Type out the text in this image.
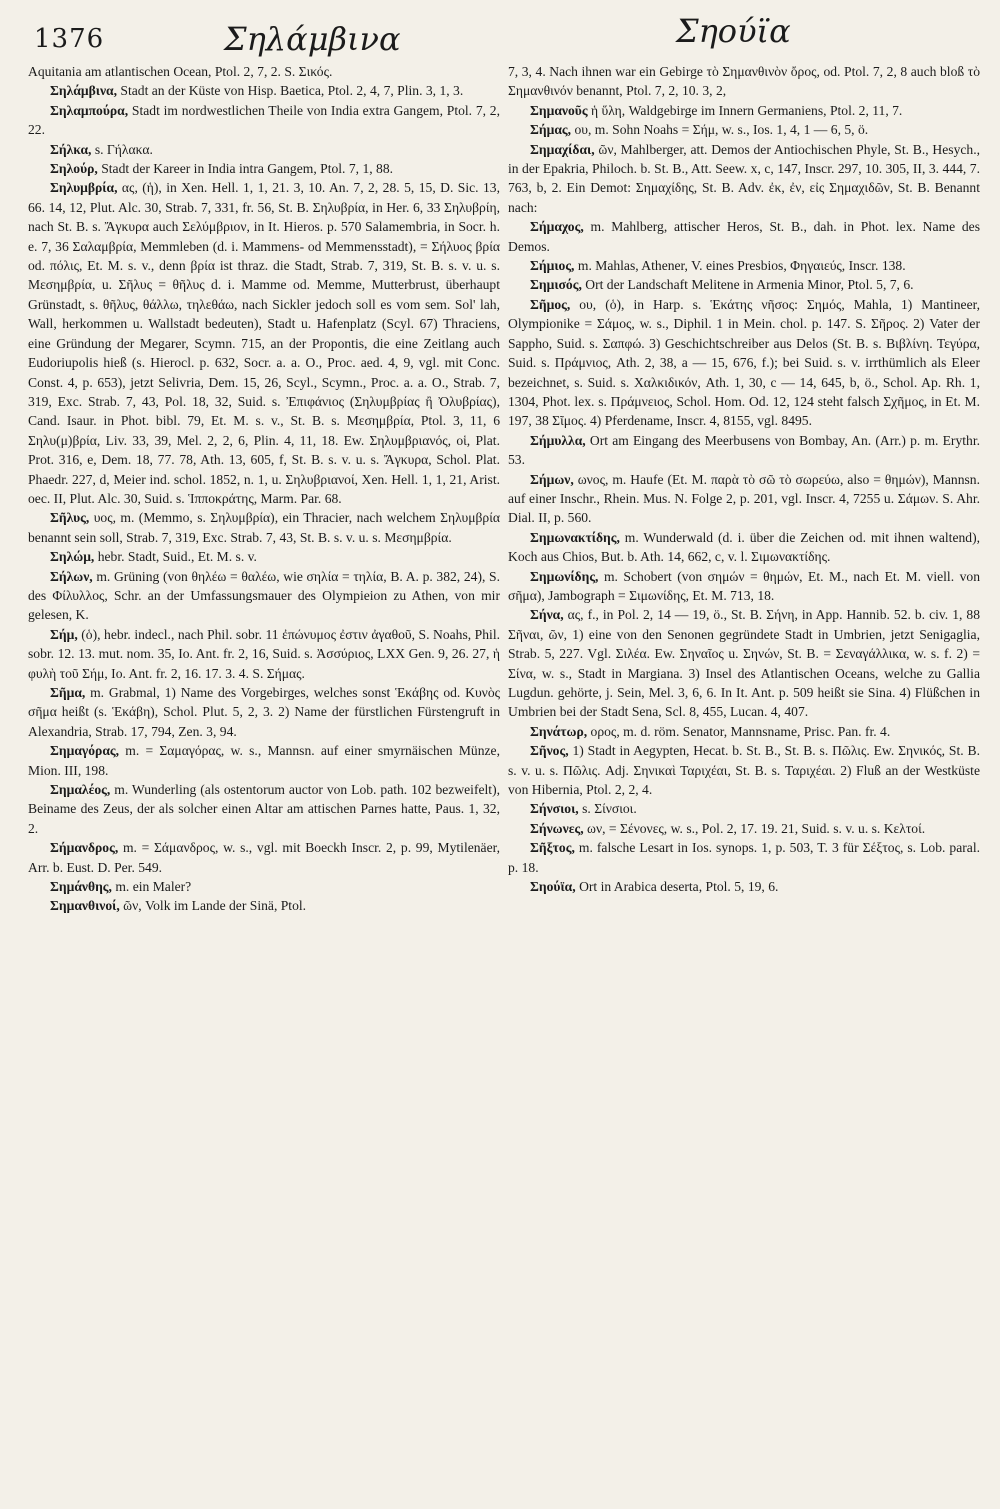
1376	Σηλάμβινα	Σηούϊα

Aquitania am atlantischen Ocean, Ptol. 2, 7, 2. S. Σικός.

Σηλάμβινα, Stadt an der Küste von Hisp. Baetica, Ptol. 2, 4, 7, Plin. 3, 1, 3.

Σηλαμπούρα, Stadt im nordwestlichen Theile von India extra Gangem, Ptol. 7, 2, 22.

Σήλκα, s. Γήλακα.

Σηλούρ, Stadt der Kareer in India intra Gangem, Ptol. 7, 1, 88.

Σηλυμβρία, ας, (ἡ), in Xen. Hell. 1, 1, 21. 3, 10. An. 7, 2, 28. 5, 15, D. Sic. 13, 66. 14, 12, Plut. Alc. 30, Strab. 7, 331, fr. 56, St. B. Σηλυβρία, in Her. 6, 33 Σηλυβρίη, nach St. B. s. Ἄγκυρα auch Σελύμβριον, in It. Hieros. p. 570 Salamembria, in Socr. h. e. 7, 36 Σαλαμβρία, Memmleben (d. i. Mammens- od Memmensstadt), = Σήλυος βρία od. πόλις, Et. M. s. v., denn βρία ist thraz. die Stadt, Strab. 7, 319, St. B. s. v. u. s. Μεσημβρία, u. Σῆλυς = θῆλυς d. i. Mamme od. Memme, Mutterbrust, überhaupt Grünstadt, s. θῆλυς, θάλλω, τηλεθάω, nach Sickler jedoch soll es vom sem. Sol' lah, Wall, herkommen u. Wallstadt bedeuten), Stadt u. Hafenplatz (Scyl. 67) Thraciens, eine Gründung der Megarer, Scymn. 715, an der Propontis, die eine Zeitlang auch Eudoriupolis hieß (s. Hierocl. p. 632, Socr. a. a. O., Proc. aed. 4, 9, vgl. mit Conc. Const. 4, p. 653), jetzt Selivria, Dem. 15, 26, Scyl., Scymn., Proc. a. a. O., Strab. 7, 319, Exc. Strab. 7, 43, Pol. 18, 32, Suid. s. Ἐπιφάνιος (Σηλυμβρίας ἢ Ὀλυβρίας), Cand. Isaur. in Phot. bibl. 79, Et. M. s. v., St. B. s. Μεσημβρία, Ptol. 3, 11, 6 Σηλυ(μ)βρία, Liv. 33, 39, Mel. 2, 2, 6, Plin. 4, 11, 18. Ew. Σηλυμβριανός, οἱ, Plat. Prot. 316, e, Dem. 18, 77. 78, Ath. 13, 605, f, St. B. s. v. u. s. Ἄγκυρα, Schol. Plat. Phaedr. 227, d, Meier ind. schol. 1852, n. 1, u. Σηλυβριανοί, Xen. Hell. 1, 1, 21, Arist. oec. II, Plut. Alc. 30, Suid. s. Ἱπποκράτης, Marm. Par. 68.

Σῆλυς, υος, m. (Memmo, s. Σηλυμβρία), ein Thracier, nach welchem Σηλυμβρία benannt sein soll, Strab. 7, 319, Exc. Strab. 7, 43, St. B. s. v. u. s. Μεσημβρία.

Σηλώμ, hebr. Stadt, Suid., Et. M. s. v.

Σήλων, m. Grüning (von θηλέω = θαλέω, wie σηλία = τηλία, B. A. p. 382, 24), S. des Φίλυλλος, Schr. an der Umfassungsmauer des Olympieion zu Athen, von mir gelesen, K.

Σήμ, (ὁ), hebr. indecl., nach Phil. sobr. 11 ἐπώνυμος ἐστιν ἀγαθοῦ, S. Noahs, Phil. sobr. 12. 13. mut. nom. 35, Io. Ant. fr. 2, 16, Suid. s. Ἀσσύριος, LXX Gen. 9, 26. 27, ἡ φυλὴ τοῦ Σήμ, Io. Ant. fr. 2, 16. 17. 3. 4. S. Σήμας.

Σῆμα, m. Grabmal, 1) Name des Vorgebirges, welches sonst Ἑκάβης od. Κυνὸς σῆμα heißt (s. Ἑκάβη), Schol. Plut. 5, 2, 3. 2) Name der fürstlichen Fürstengruft in Alexandria, Strab. 17, 794, Zen. 3, 94.

Σημαγόρας, m. = Σαμαγόρας, w. s., Mannsn. auf einer smyrnäischen Münze, Mion. III, 198.

Σημαλέος, m. Wunderling (als ostentorum auctor von Lob. path. 102 bezweifelt), Beiname des Zeus, der als solcher einen Altar am attischen Parnes hatte, Paus. 1, 32, 2.

Σήμανδρος, m. = Σάμανδρος, w. s., vgl. mit Boeckh Inscr. 2, p. 99, Mytilenäer, Arr. b. Eust. D. Per. 549.

Σημάνθης, m. ein Maler?

Σημανθινοί, ῶν, Volk im Lande der Sinä, Ptol.

7, 3, 4. Nach ihnen war ein Gebirge τὸ Σημανθινὸν ὄρος, od. Ptol. 7, 2, 8 auch bloß τὸ Σημανθινόν benannt, Ptol. 7, 2, 10. 3, 2,

Σημανοῦς ἡ ὕλη, Waldgebirge im Innern Germaniens, Ptol. 2, 11, 7.

Σήμας, ου, m. Sohn Noahs = Σήμ, w. s., Ios. 1, 4, 1 — 6, 5, ö.

Σημαχίδαι, ῶν, Mahlberger, att. Demos der Antiochischen Phyle, St. B., Hesych., in der Epakria, Philoch. b. St. B., Att. Seew. x, c, 147, Inscr. 297, 10. 305, II, 3. 444, 7. 763, b, 2. Ein Demot: Σημαχίδης, St. B. Adv. ἐκ, ἐν, εἰς Σημαχιδῶν, St. B. Benannt nach:

Σήμαχος, m. Mahlberg, attischer Heros, St. B., dah. in Phot. lex. Name des Demos.

Σήμιος, m. Mahlas, Athener, V. eines Presbios, Φηγαιεύς, Inscr. 138.

Σημισός, Ort der Landschaft Melitene in Armenia Minor, Ptol. 5, 7, 6.

Σῆμος, ου, (ὁ), in Harp. s. Ἑκάτης νῆσος: Σημός, Mahla, 1) Mantineer, Olympionike = Σάμος, w. s., Diphil. 1 in Mein. chol. p. 147. S. Σῆρος. 2) Vater der Sappho, Suid. s. Σαπφώ. 3) Geschichtschreiber aus Delos (St. B. s. Βιβλίνη. Τεγύρα, Suid. s. Πράμνιος, Ath. 2, 38, a — 15, 676, f.); bei Suid. s. v. irrthümlich als Eleer bezeichnet, s. Suid. s. Χαλκιδικόν, Ath. 1, 30, c — 14, 645, b, ö., Schol. Ap. Rh. 1, 1304, Phot. lex. s. Πράμνειος, Schol. Hom. Od. 12, 124 steht falsch Σχῆμος, in Et. M. 197, 38 Σῖμος. 4) Pferdename, Inscr. 4, 8155, vgl. 8495.

Σήμυλλα, Ort am Eingang des Meerbusens von Bombay, An. (Arr.) p. m. Erythr. 53.

Σήμων, ωνος, m. Haufe (Et. M. παρὰ τὸ σῶ τὸ σωρεύω, also = θημών), Mannsn. auf einer Inschr., Rhein. Mus. N. Folge 2, p. 201, vgl. Inscr. 4, 7255 u. Σάμων. S. Ahr. Dial. II, p. 560.

Σημωνακτίδης, m. Wunderwald (d. i. über die Zeichen od. mit ihnen waltend), Koch aus Chios, But. b. Ath. 14, 662, c, v. l. Σιμωνακτίδης.

Σημωνίδης, m. Schobert (von σημών = θημών, Et. M., nach Et. M. viell. von σῆμα), Jambograph = Σιμωνίδης, Et. M. 713, 18.

Σήνα, ας, f., in Pol. 2, 14 — 19, ö., St. B. Σήνη, in App. Hannib. 52. b. civ. 1, 88 Σῆναι, ῶν, 1) eine von den Senonen gegründete Stadt in Umbrien, jetzt Senigaglia, Strab. 5, 227. Vgl. Σιλέα. Ew. Σηναῖος u. Σηνών, St. B. = Σεναγάλλικα, w. s. f. 2) = Σίνα, w. s., Stadt in Margiana. 3) Insel des Atlantischen Oceans, welche zu Gallia Lugdun. gehörte, j. Sein, Mel. 3, 6, 6. In It. Ant. p. 509 heißt sie Sina. 4) Flüßchen in Umbrien bei der Stadt Sena, Scl. 8, 455, Lucan. 4, 407.

Σηνάτωρ, ορος, m. d. röm. Senator, Mannsname, Prisc. Pan. fr. 4.

Σῆνος, 1) Stadt in Aegypten, Hecat. b. St. B., St. B. s. Πῶλις. Ew. Σηνικός, St. B. s. v. u. s. Πῶλις. Adj. Σηνικαὶ Ταριχέαι, St. B. s. Ταριχέαι. 2) Fluß an der Westküste von Hibernia, Ptol. 2, 2, 4.

Σήνσιοι, s. Σίνσιοι.

Σήνωνες, ων, = Σένονες, w. s., Pol. 2, 17. 19. 21, Suid. s. v. u. s. Κελτοί.

Σῆξτος, m. falsche Lesart in Ios. synops. 1, p. 503, T. 3 für Σέξτος, s. Lob. paral. p. 18.

Σηούϊα, Ort in Arabica deserta, Ptol. 5, 19, 6.
